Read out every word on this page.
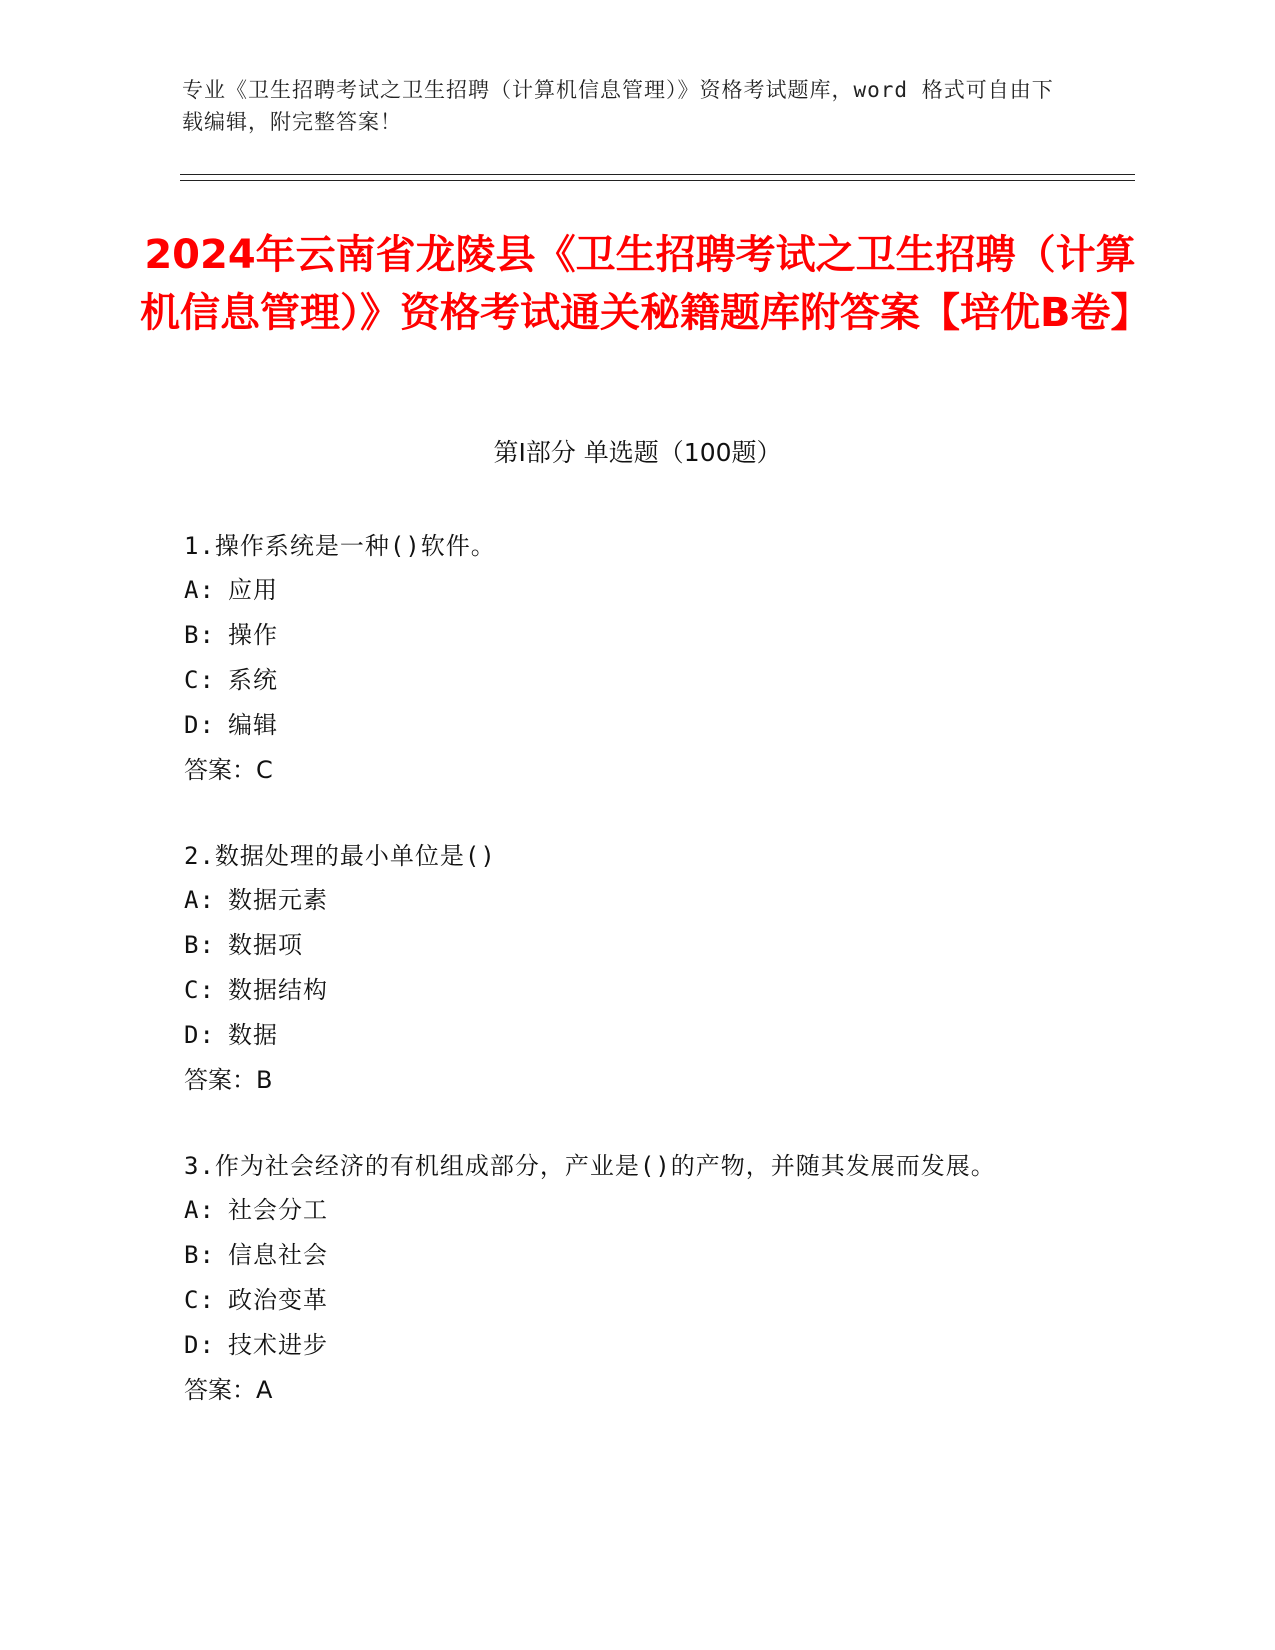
专业《卫生招聘考试之卫生招聘（计算机信息管理）》资格考试题库，word 格式可自由下载编辑，附完整答案！
2024年云南省龙陵县《卫生招聘考试之卫生招聘（计算机信息管理）》资格考试通关秘籍题库附答案【培优B卷】
第Ⅰ部分 单选题（100题）
1.操作系统是一种()软件。
A: 应用
B: 操作
C: 系统
D: 编辑
答案：C
2.数据处理的最小单位是()
A: 数据元素
B: 数据项
C: 数据结构
D: 数据
答案：B
3.作为社会经济的有机组成部分，产业是()的产物，并随其发展而发展。
A: 社会分工
B: 信息社会
C: 政治变革
D: 技术进步
答案：A
